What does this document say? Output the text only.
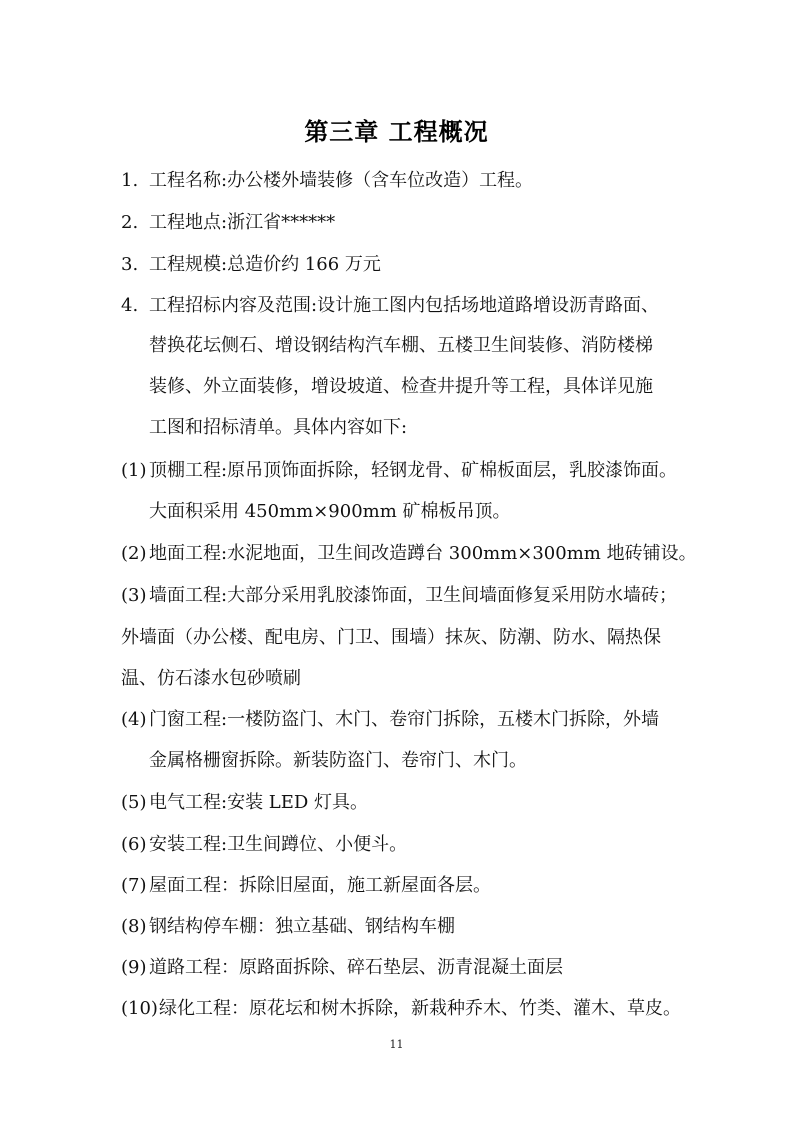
第三章 工程概况
1. 工程名称:办公楼外墙装修（含车位改造）工程。
2. 工程地点:浙江省******
3. 工程规模:总造价约 166 万元
4. 工程招标内容及范围:设计施工图内包括场地道路增设沥青路面、
替换花坛侧石、增设钢结构汽车棚、五楼卫生间装修、消防楼梯
装修、外立面装修，增设坡道、检查井提升等工程，具体详见施
工图和招标清单。具体内容如下:
(1) 顶棚工程:原吊顶饰面拆除，轻钢龙骨、矿棉板面层，乳胶漆饰面。
大面积采用 450mm×900mm 矿棉板吊顶。
(2) 地面工程:水泥地面，卫生间改造蹲台 300mm×300mm 地砖铺设。
(3) 墙面工程:大部分采用乳胶漆饰面，卫生间墙面修复采用防水墙砖；
外墙面（办公楼、配电房、门卫、围墙）抹灰、防潮、防水、隔热保
温、仿石漆水包砂喷刷
(4) 门窗工程:一楼防盗门、木门、卷帘门拆除，五楼木门拆除，外墙
金属格栅窗拆除。新装防盗门、卷帘门、木门。
(5) 电气工程:安装 LED 灯具。
(6) 安装工程:卫生间蹲位、小便斗。
(7) 屋面工程：拆除旧屋面，施工新屋面各层。
(8) 钢结构停车棚：独立基础、钢结构车棚
(9) 道路工程：原路面拆除、碎石垫层、沥青混凝土面层
(10)绿化工程：原花坛和树木拆除，新栽种乔木、竹类、灌木、草皮。
11
